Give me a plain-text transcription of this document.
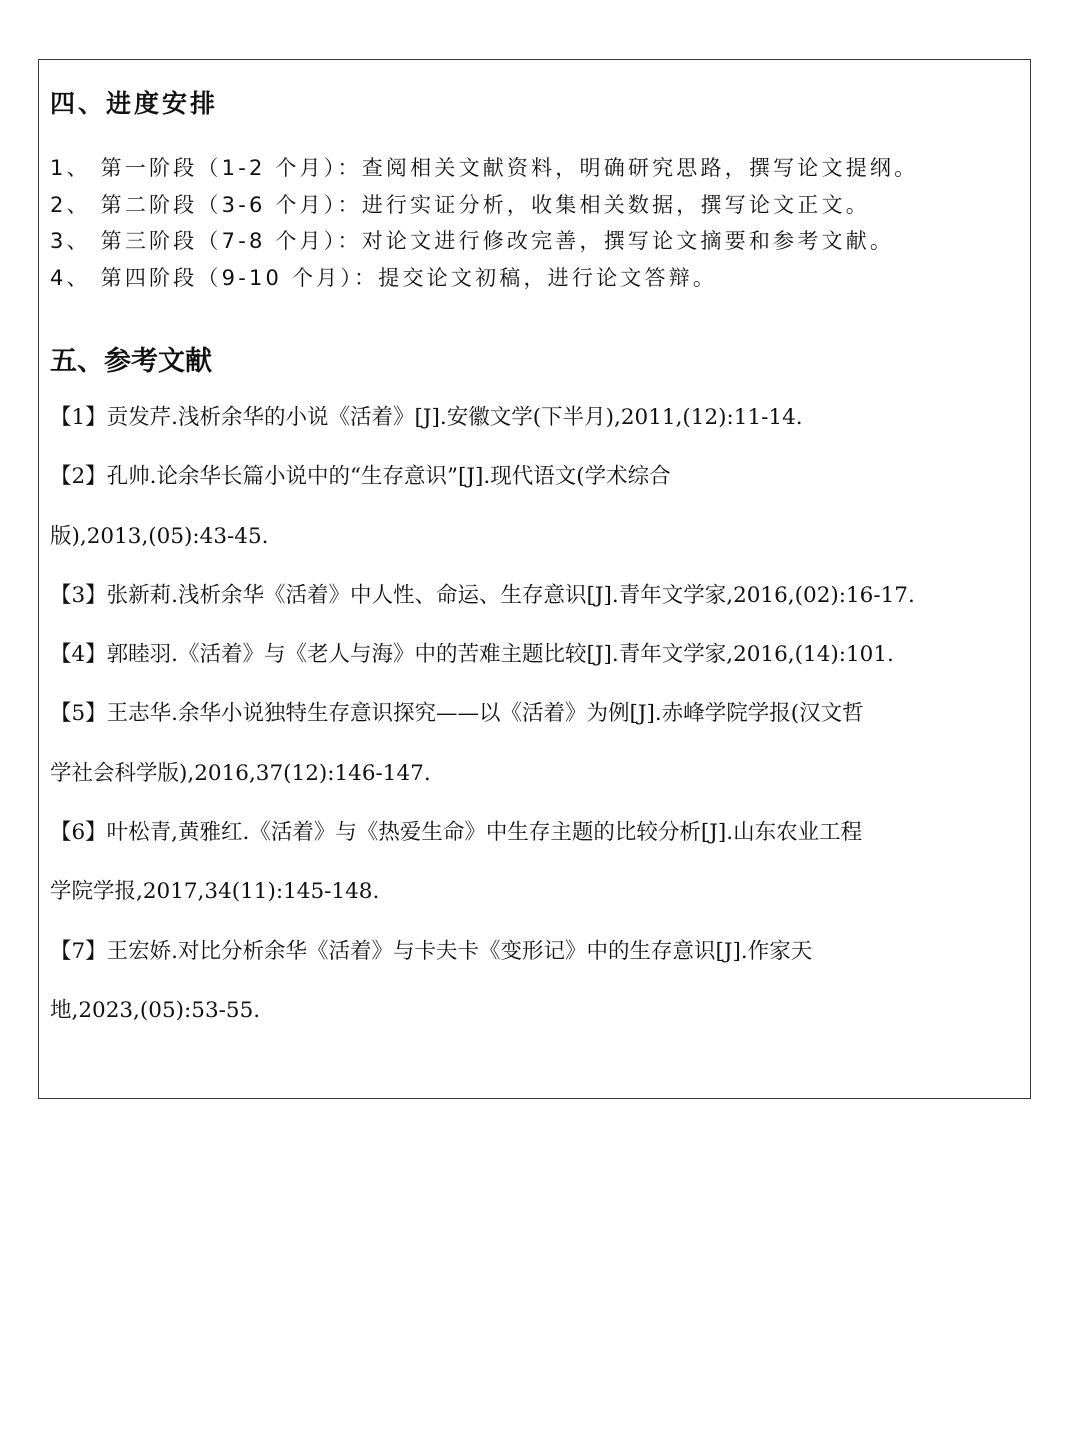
四、进度安排
1、 第一阶段（1-2 个月）：查阅相关文献资料，明确研究思路，撰写论文提纲。
2、 第二阶段（3-6 个月）：进行实证分析，收集相关数据，撰写论文正文。
3、 第三阶段（7-8 个月）：对论文进行修改完善，撰写论文摘要和参考文献。
4、 第四阶段（9-10 个月）：提交论文初稿，进行论文答辩。
五、参考文献
【1】贡发芹.浅析余华的小说《活着》[J].安徽文学(下半月),2011,(12):11-14.
【2】孔帅.论余华长篇小说中的“生存意识”[J].现代语文(学术综合
版),2013,(05):43-45.
【3】张新莉.浅析余华《活着》中人性、命运、生存意识[J].青年文学家,2016,(02):16-17.
【4】郭睦羽.《活着》与《老人与海》中的苦难主题比较[J].青年文学家,2016,(14):101.
【5】王志华.余华小说独特生存意识探究——以《活着》为例[J].赤峰学院学报(汉文哲
学社会科学版),2016,37(12):146-147.
【6】叶松青,黄雅红.《活着》与《热爱生命》中生存主题的比较分析[J].山东农业工程
学院学报,2017,34(11):145-148.
【7】王宏娇.对比分析余华《活着》与卡夫卡《变形记》中的生存意识[J].作家天
地,2023,(05):53-55.
